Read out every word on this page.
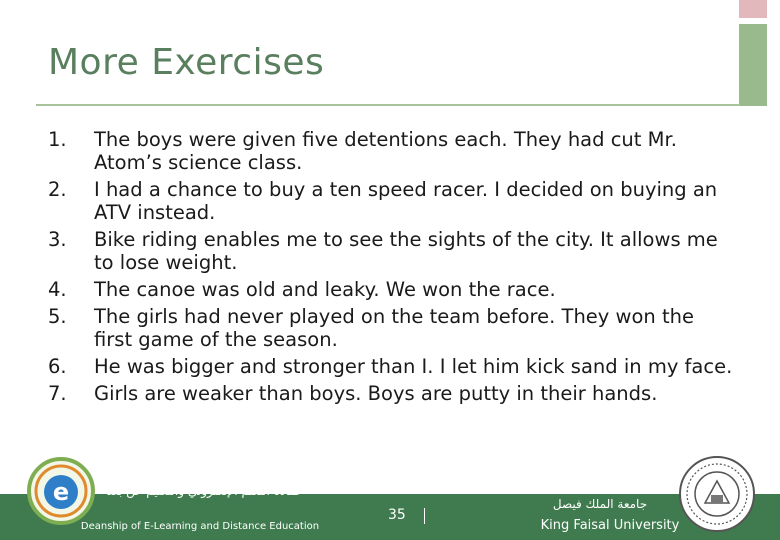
More Exercises
1.	The boys were given five detentions each. They had cut Mr. Atom’s science class.
2.	I had a chance to buy a ten speed racer. I decided on buying an ATV instead.
3.	Bike riding enables me to see the sights of the city. It allows me to lose weight.
4.	The canoe was old and leaky. We won the race.
5.	The girls had never played on the team before. They won the first game of the season.
6.	He was bigger and stronger than I. I let him kick sand in my face.
7.	Girls are weaker than boys. Boys are putty in their hands.
e	عمادة التعلم الإلكتروني والتعليم عن بعد
Deanship of E-Learning and Distance Education
35
جامعة الملك فيصل
King Faisal University
